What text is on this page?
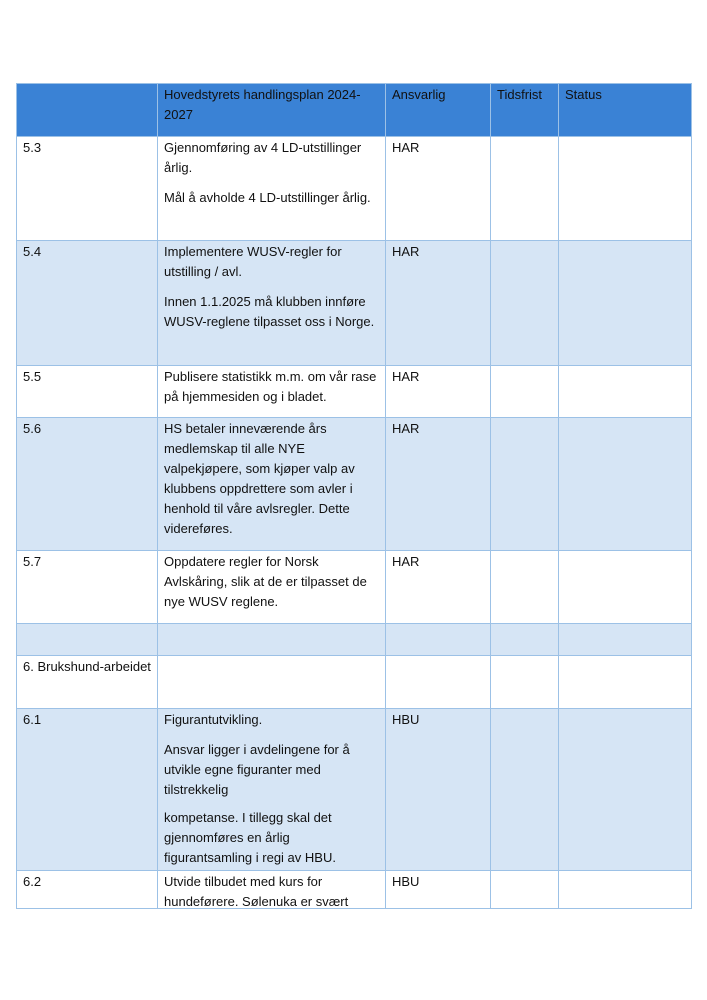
	Hovedstyrets handlingsplan 2024-2027	Ansvarlig	Tidsfrist	Status
5.3	Gjennomføring av 4 LD-utstillinger årlig.
Mål å avholde 4 LD-utstillinger årlig.	HAR		
5.4	Implementere WUSV-regler for utstilling / avl.
Innen 1.1.2025 må klubben innføre WUSV-reglene tilpasset oss i Norge.	HAR		
5.5	Publisere statistikk m.m. om vår rase på hjemmesiden og i bladet.	HAR		
5.6	HS betaler inneværende års medlemskap til alle NYE valpekjøpere, som kjøper valp av klubbens oppdrettere som avler i henhold til våre avlsregler. Dette videreføres.	HAR		
5.7	Oppdatere regler for Norsk Avlskåring, slik at de er tilpasset de nye WUSV reglene.	HAR		

6. Brukshund-arbeidet				
6.1	Figurantutvikling.
Ansvar ligger i avdelingene for å utvikle egne figuranter med tilstrekkelig
kompetanse. I tillegg skal det gjennomføres en årlig figurantsamling i regi av HBU.	HBU		
6.2	Utvide tilbudet med kurs for hundeførere. Sølenuka er svært	HBU		
